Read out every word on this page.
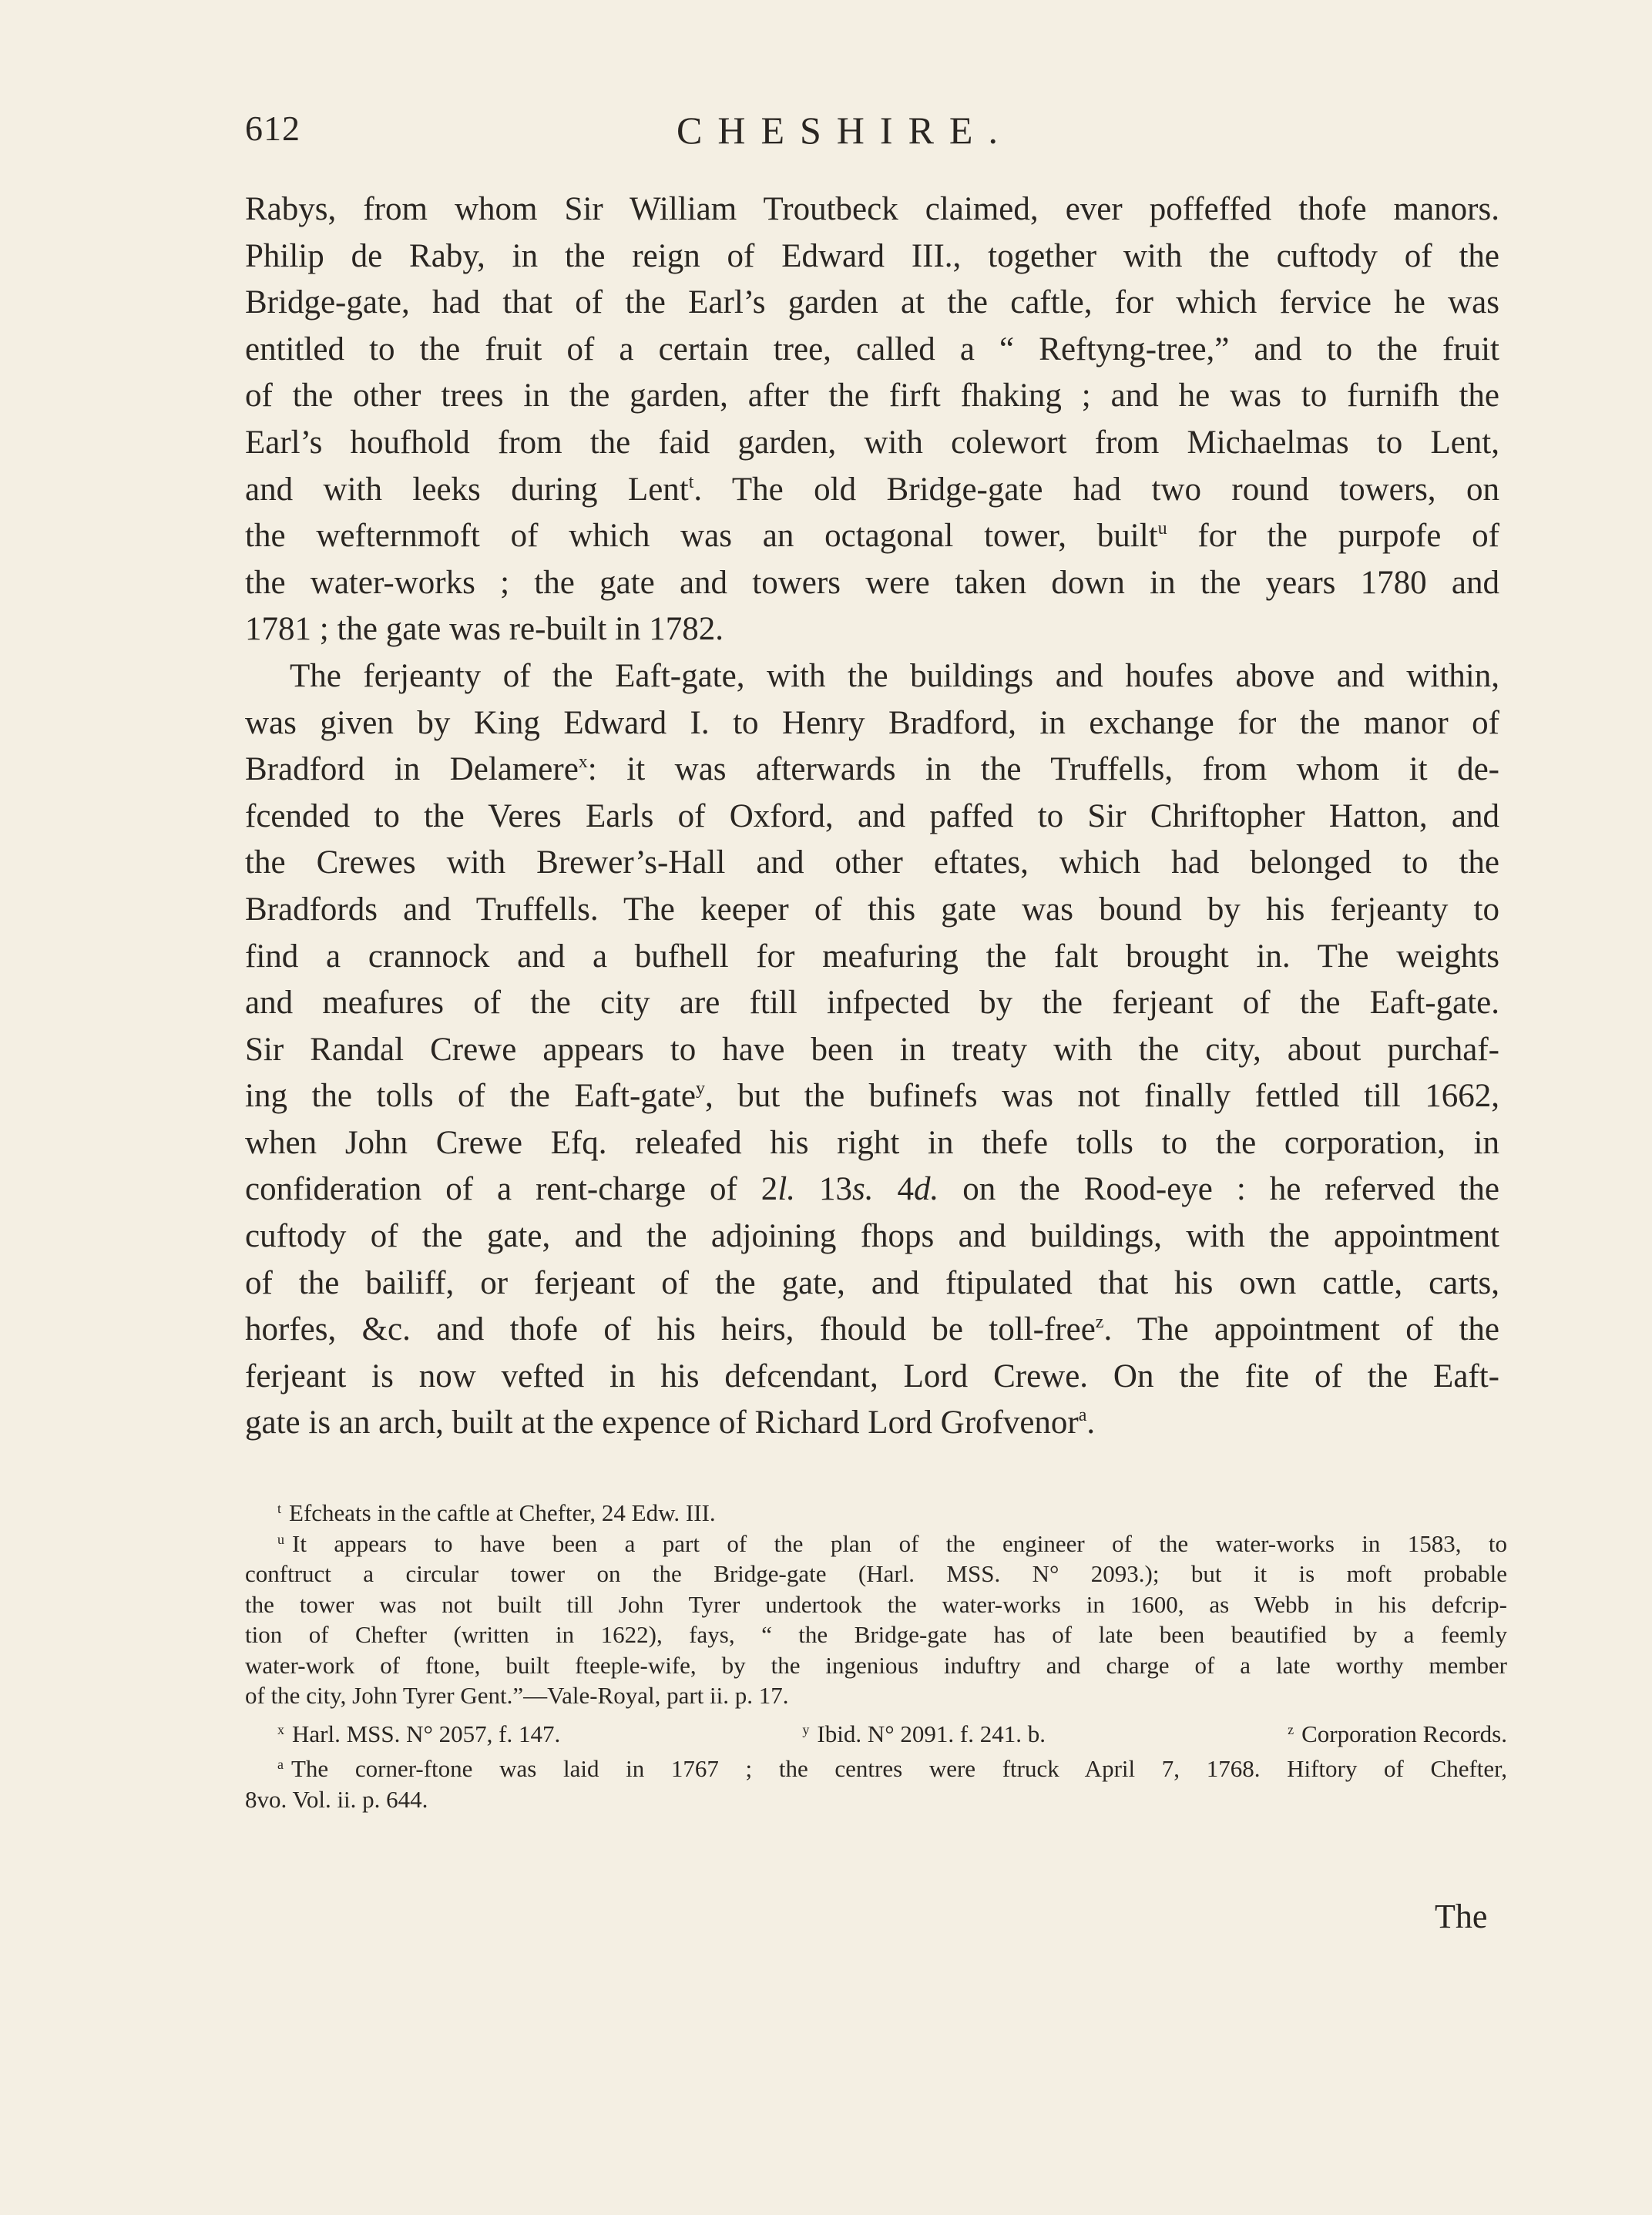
612	CHESHIRE.
Rabys, from whom Sir William Troutbeck claimed, ever poffeffed thofe manors.
Philip de Raby, in the reign of Edward III., together with the cuftody of the
Bridge-gate, had that of the Earl’s garden at the caftle, for which fervice he was
entitled to the fruit of a certain tree, called a “ Reftyng-tree,” and to the fruit
of the other trees in the garden, after the firft fhaking ; and he was to furnifh the
Earl’s houfhold from the faid garden, with colewort from Michaelmas to Lent,
and with leeks during Lent$^t$. The old Bridge-gate had two round towers, on
the wefternmoft of which was an octagonal tower, built$^u$ for the purpofe of
the water-works ; the gate and towers were taken down in the years 1780 and
1781 ; the gate was re-built in 1782.
The ferjeanty of the Eaft-gate, with the buildings and houfes above and within,
was given by King Edward I. to Henry Bradford, in exchange for the manor of
Bradford in Delamere$^x$: it was afterwards in the Truffells, from whom it de-
fcended to the Veres Earls of Oxford, and paffed to Sir Chriftopher Hatton, and
the Crewes with Brewer’s-Hall and other eftates, which had belonged to the
Bradfords and Truffells. The keeper of this gate was bound by his ferjeanty to
find a crannock and a bufhell for meafuring the falt brought in. The weights
and meafures of the city are ftill infpected by the ferjeant of the Eaft-gate.
Sir Randal Crewe appears to have been in treaty with the city, about purchaf-
ing the tolls of the Eaft-gate$^y$, but the bufinefs was not finally fettled till 1662,
when John Crewe Efq. releafed his right in thefe tolls to the corporation, in
confideration of a rent-charge of 2l. 13s. 4d. on the Rood-eye : he referved the
cuftody of the gate, and the adjoining fhops and buildings, with the appointment
of the bailiff, or ferjeant of the gate, and ftipulated that his own cattle, carts,
horfes, &c. and thofe of his heirs, fhould be toll-free$^z$. The appointment of the
ferjeant is now vefted in his defcendant, Lord Crewe. On the fite of the Eaft-
gate is an arch, built at the expence of Richard Lord Grofvenor$^a$.
$^t$ Efcheats in the caftle at Chefter, 24 Edw. III.
$^u$ It appears to have been a part of the plan of the engineer of the water-works in 1583, to
conftruct a circular tower on the Bridge-gate (Harl. MSS. N° 2093.); but it is moft probable
the tower was not built till John Tyrer undertook the water-works in 1600, as Webb in his defcrip-
tion of Chefter (written in 1622), fays, “ the Bridge-gate has of late been beautified by a feemly
water-work of ftone, built fteeple-wife, by the ingenious induftry and charge of a late worthy member
of the city, John Tyrer Gent.”—Vale-Royal, part ii. p. 17.
$^x$ Harl. MSS. N° 2057, f. 147.	$^y$ Ibid. N° 2091. f. 241. b.	$^z$ Corporation Records.
$^a$ The corner-ftone was laid in 1767 ; the centres were ftruck April 7, 1768. Hiftory of Chefter,
8vo. Vol. ii. p. 644.
The
